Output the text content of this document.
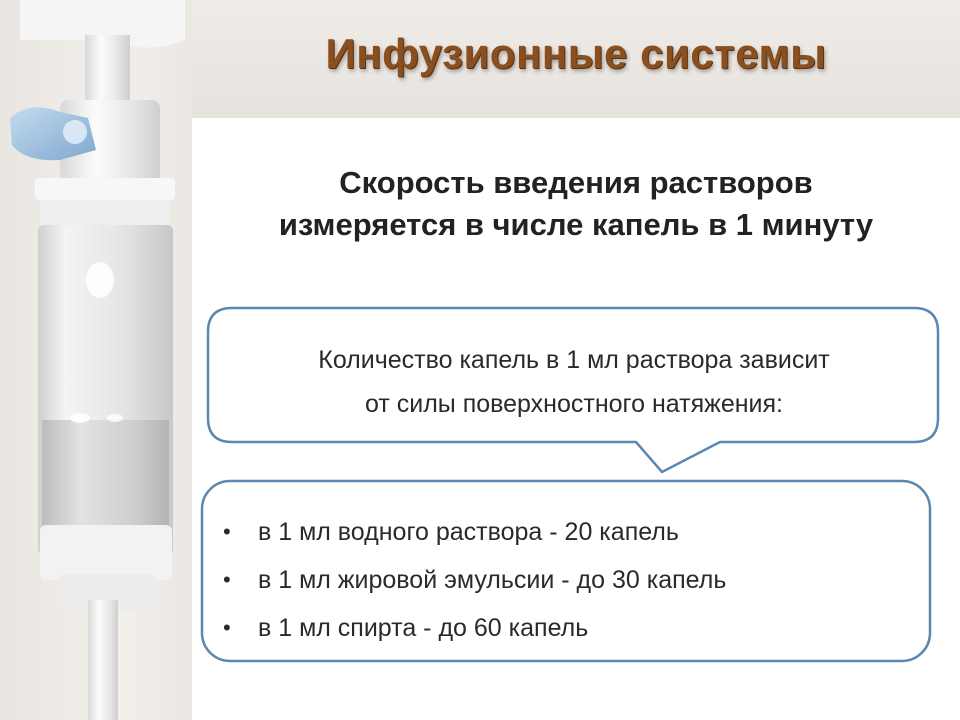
Инфузионные системы
Скорость введения растворов
измеряется в числе капель в 1 минуту
Количество капель в 1 мл раствора зависит
от силы поверхностного натяжения:
• в 1 мл водного раствора - 20 капель
• в 1 мл жировой эмульсии - до 30 капель
• в 1 мл спирта - до 60 капель
